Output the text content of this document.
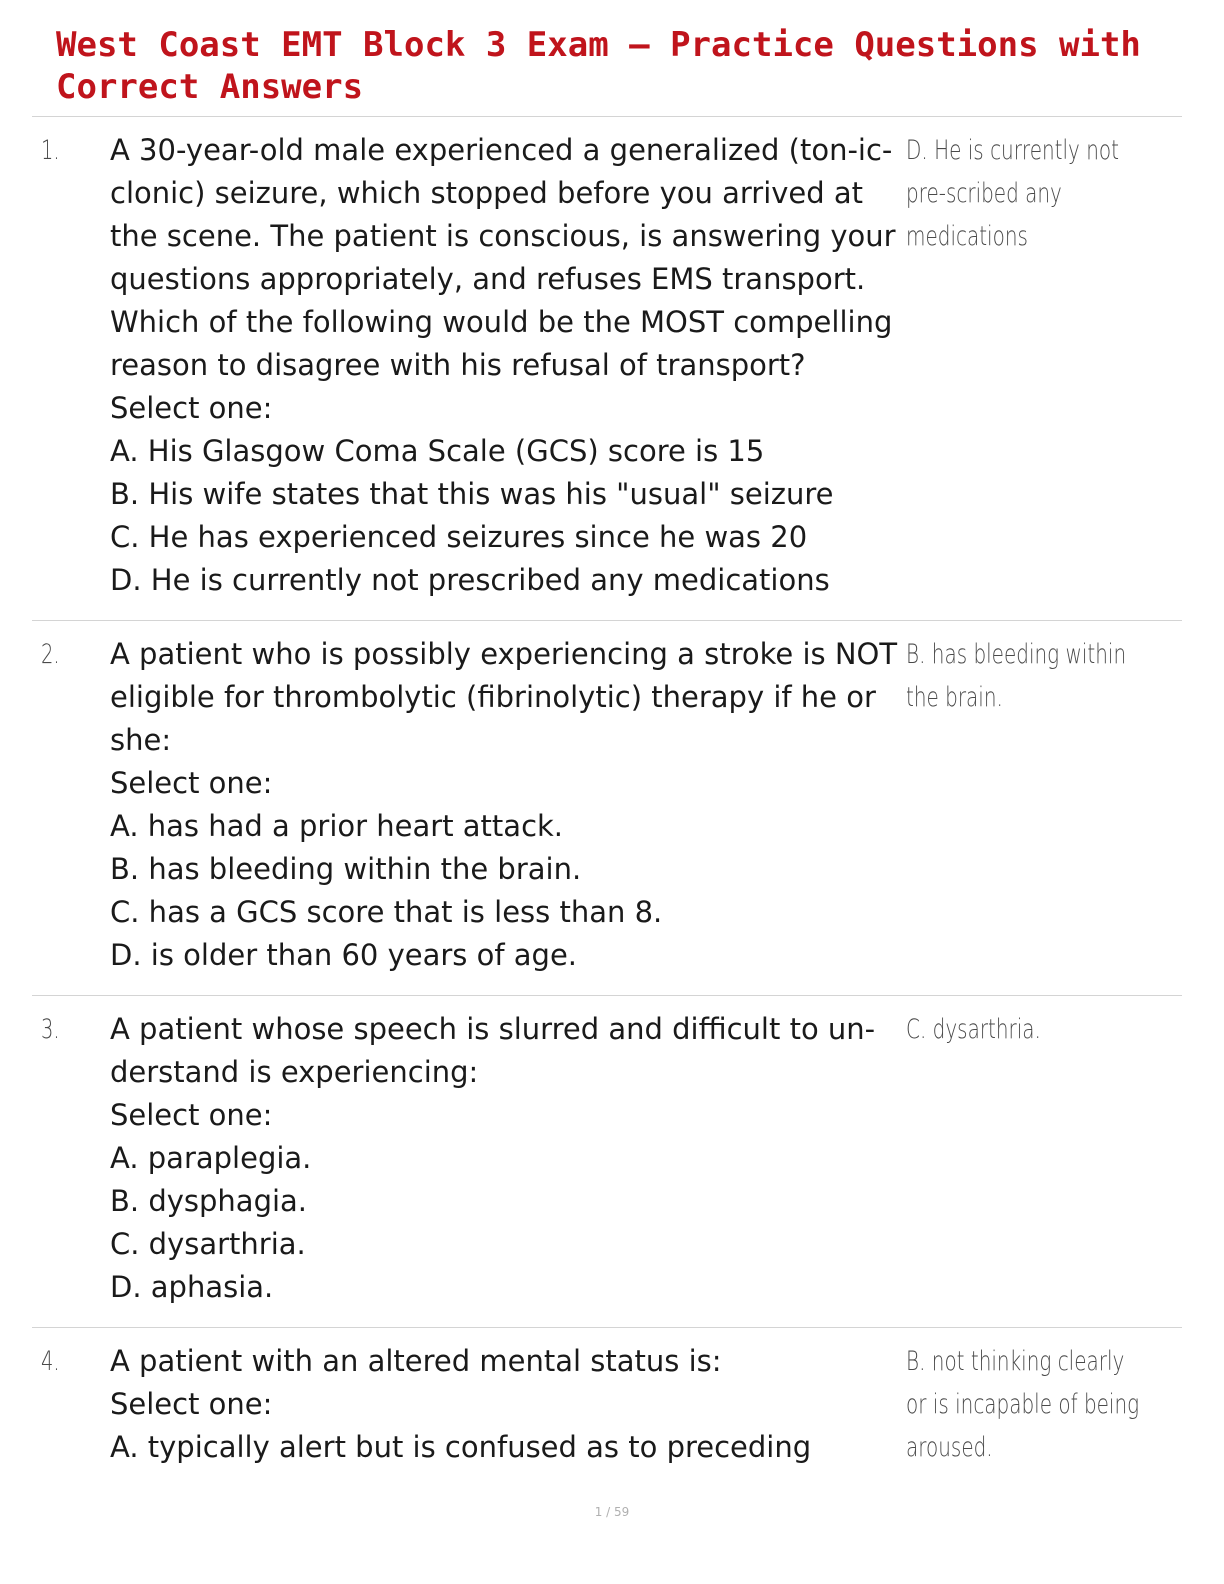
West Coast EMT Block 3 Exam – Practice Questions with Correct Answers
1. A 30-year-old male experienced a generalized (ton-ic-clonic) seizure, which stopped before you arrived at the scene. The patient is conscious, is answering your questions appropriately, and refuses EMS transport. Which of the following would be the MOST compelling reason to disagree with his refusal of transport?
Select one:
A. His Glasgow Coma Scale (GCS) score is 15
B. His wife states that this was his "usual" seizure
C. He has experienced seizures since he was 20
D. He is currently not prescribed any medications
D. He is currently not pre-scribed any medications
2. A patient who is possibly experiencing a stroke is NOT eligible for thrombolytic (fibrinolytic) therapy if he or she:
Select one:
A. has had a prior heart attack.
B. has bleeding within the brain.
C. has a GCS score that is less than 8.
D. is older than 60 years of age.
B. has bleeding within the brain.
3. A patient whose speech is slurred and difficult to un-derstand is experiencing:
Select one:
A. paraplegia.
B. dysphagia.
C. dysarthria.
D. aphasia.
C. dysarthria.
4. A patient with an altered mental status is:
Select one:
A. typically alert but is confused as to preceding
B. not thinking clearly or is incapable of being aroused.
1 / 59
